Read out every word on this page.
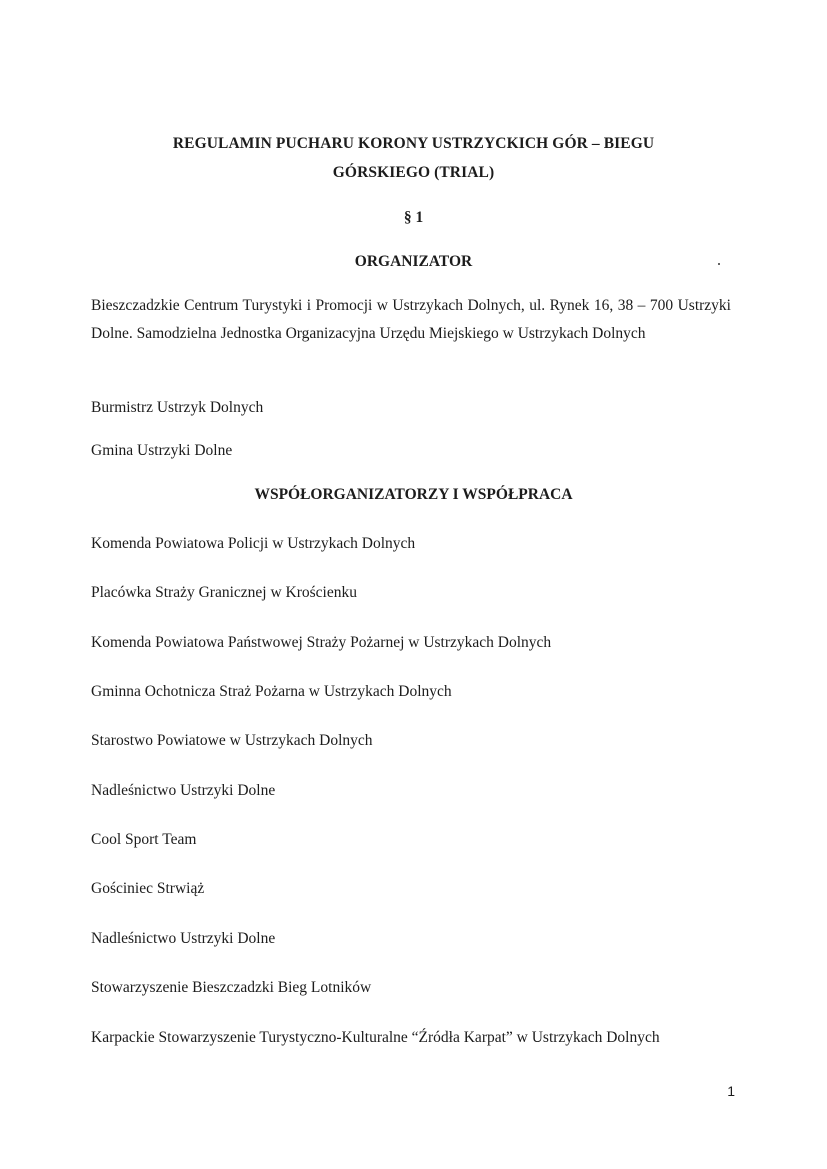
REGULAMIN PUCHARU KORONY USTRZYCKICH GÓR – BIEGU
GÓRSKIEGO (TRIAL)
§ 1
ORGANIZATOR
Bieszczadzkie Centrum Turystyki i Promocji w Ustrzykach Dolnych, ul. Rynek 16, 38 – 700 Ustrzyki Dolne. Samodzielna Jednostka Organizacyjna Urzędu Miejskiego w Ustrzykach Dolnych
Burmistrz Ustrzyk Dolnych
Gmina Ustrzyki Dolne
WSPÓŁORGANIZATORZY I WSPÓŁPRACA
Komenda Powiatowa Policji w Ustrzykach Dolnych
Placówka Straży Granicznej w Krościenku
Komenda Powiatowa Państwowej Straży Pożarnej w Ustrzykach Dolnych
Gminna Ochotnicza Straż Pożarna w Ustrzykach Dolnych
Starostwo Powiatowe w Ustrzykach Dolnych
Nadleśnictwo Ustrzyki Dolne
Cool Sport Team
Gościniec Strwiąż
Nadleśnictwo Ustrzyki Dolne
Stowarzyszenie Bieszczadzki Bieg Lotników
Karpackie Stowarzyszenie Turystyczno-Kulturalne “Źródła Karpat” w Ustrzykach Dolnych
1
